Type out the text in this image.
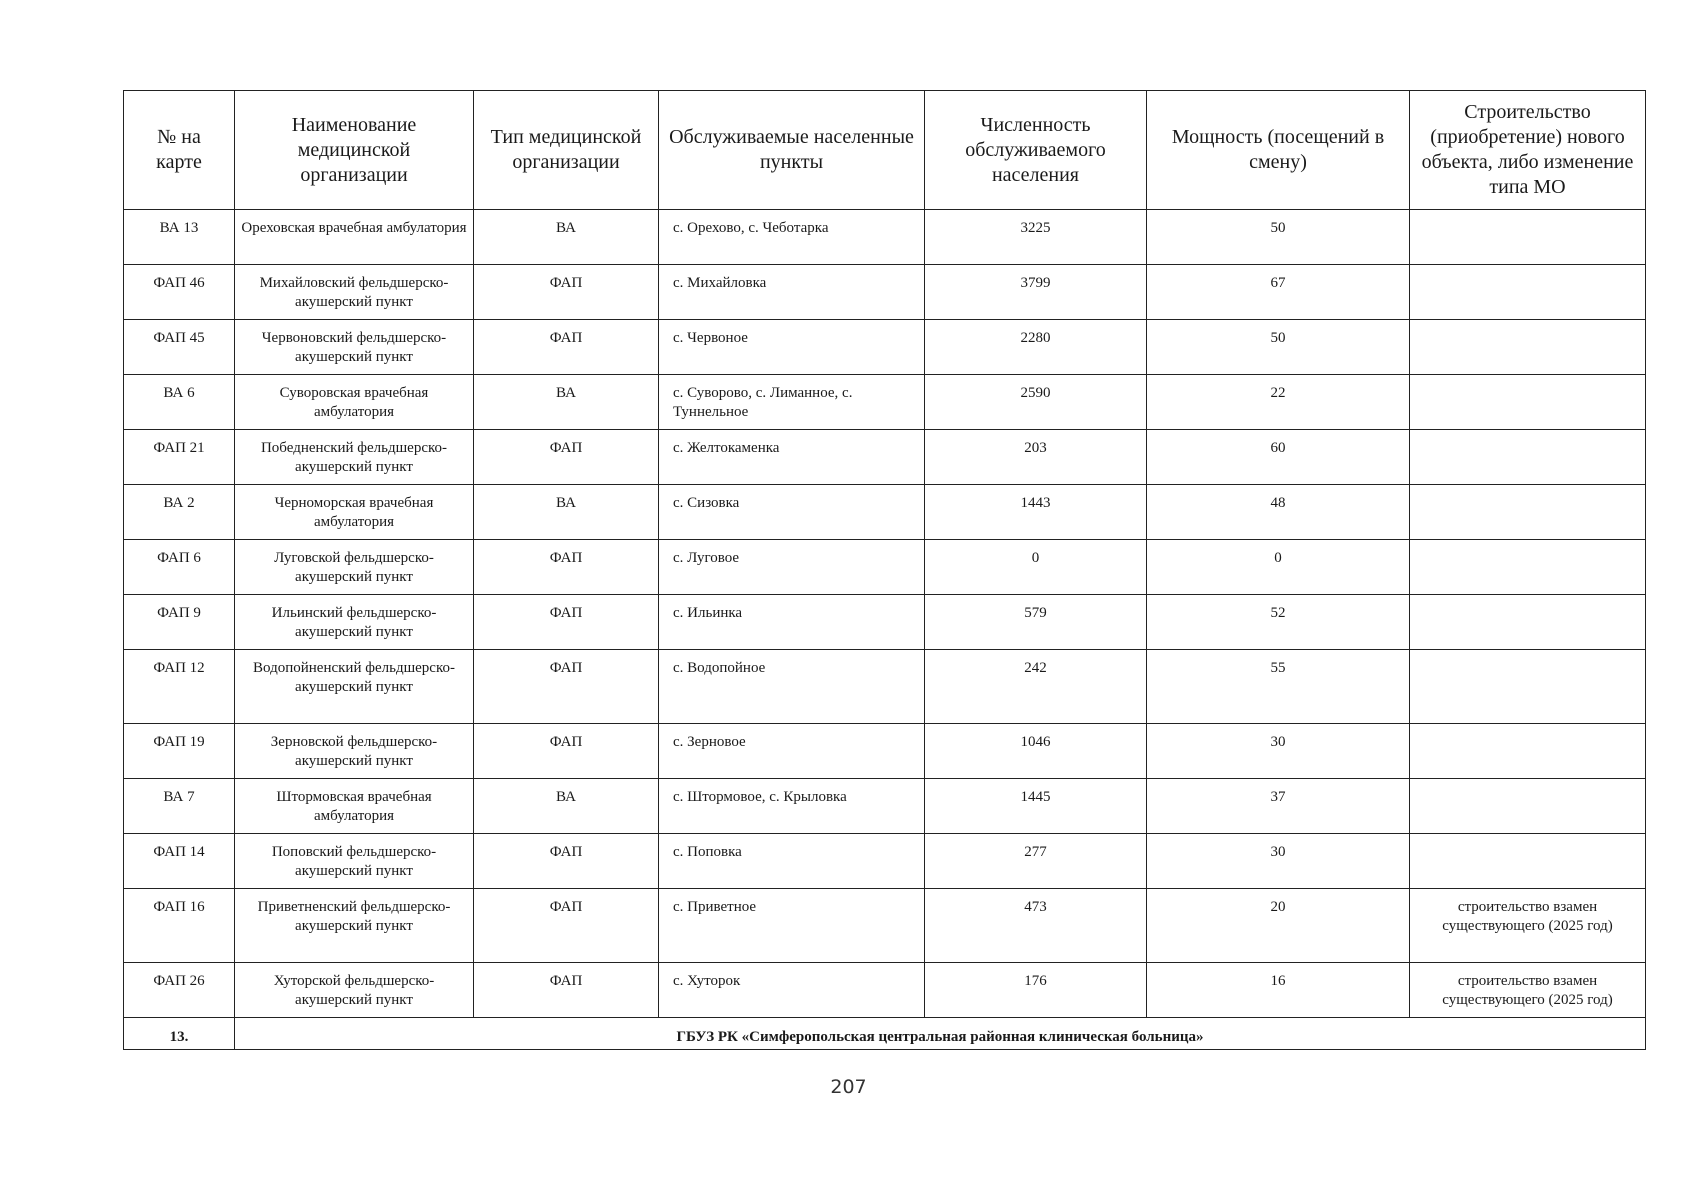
№ на карте	Наименование медицинской организации	Тип медицинской организации	Обслуживаемые населенные пункты	Численность обслуживаемого населения	Мощность (посещений в смену)	Строительство (приобретение) нового объекта, либо изменение типа МО
ВА 13	Ореховская врачебная амбулатория	ВА	с. Орехово, с. Чеботарка	3225	50	
ФАП 46	Михайловский фельдшерско-акушерский пункт	ФАП	с. Михайловка	3799	67	
ФАП 45	Червоновский фельдшерско-акушерский пункт	ФАП	с. Червоное	2280	50	
ВА 6	Суворовская врачебная амбулатория	ВА	с. Суворово, с. Лиманное, с. Туннельное	2590	22	
ФАП 21	Победненский фельдшерско-акушерский пункт	ФАП	с. Желтокаменка	203	60	
ВА 2	Черноморская врачебная амбулатория	ВА	с. Сизовка	1443	48	
ФАП 6	Луговской фельдшерско-акушерский пункт	ФАП	с. Луговое	0	0	
ФАП 9	Ильинский фельдшерско-акушерский пункт	ФАП	с. Ильинка	579	52	
ФАП 12	Водопойненский фельдшерско- акушерский пункт	ФАП	с. Водопойное	242	55	
ФАП 19	Зерновской фельдшерско-акушерский пункт	ФАП	с. Зерновое	1046	30	
ВА 7	Штормовская врачебная амбулатория	ВА	с. Штормовое, с. Крыловка	1445	37	
ФАП 14	Поповский фельдшерско-акушерский пункт	ФАП	с. Поповка	277	30	
ФАП 16	Приветненский фельдшерско- акушерский пункт	ФАП	с. Приветное	473	20	строительство взамен существующего (2025 год)
ФАП 26	Хуторской фельдшерско-акушерский пункт	ФАП	с. Хуторок	176	16	строительство взамен существующего (2025 год)
13.	ГБУЗ РК «Симферопольская центральная районная клиническая больница»					
207
